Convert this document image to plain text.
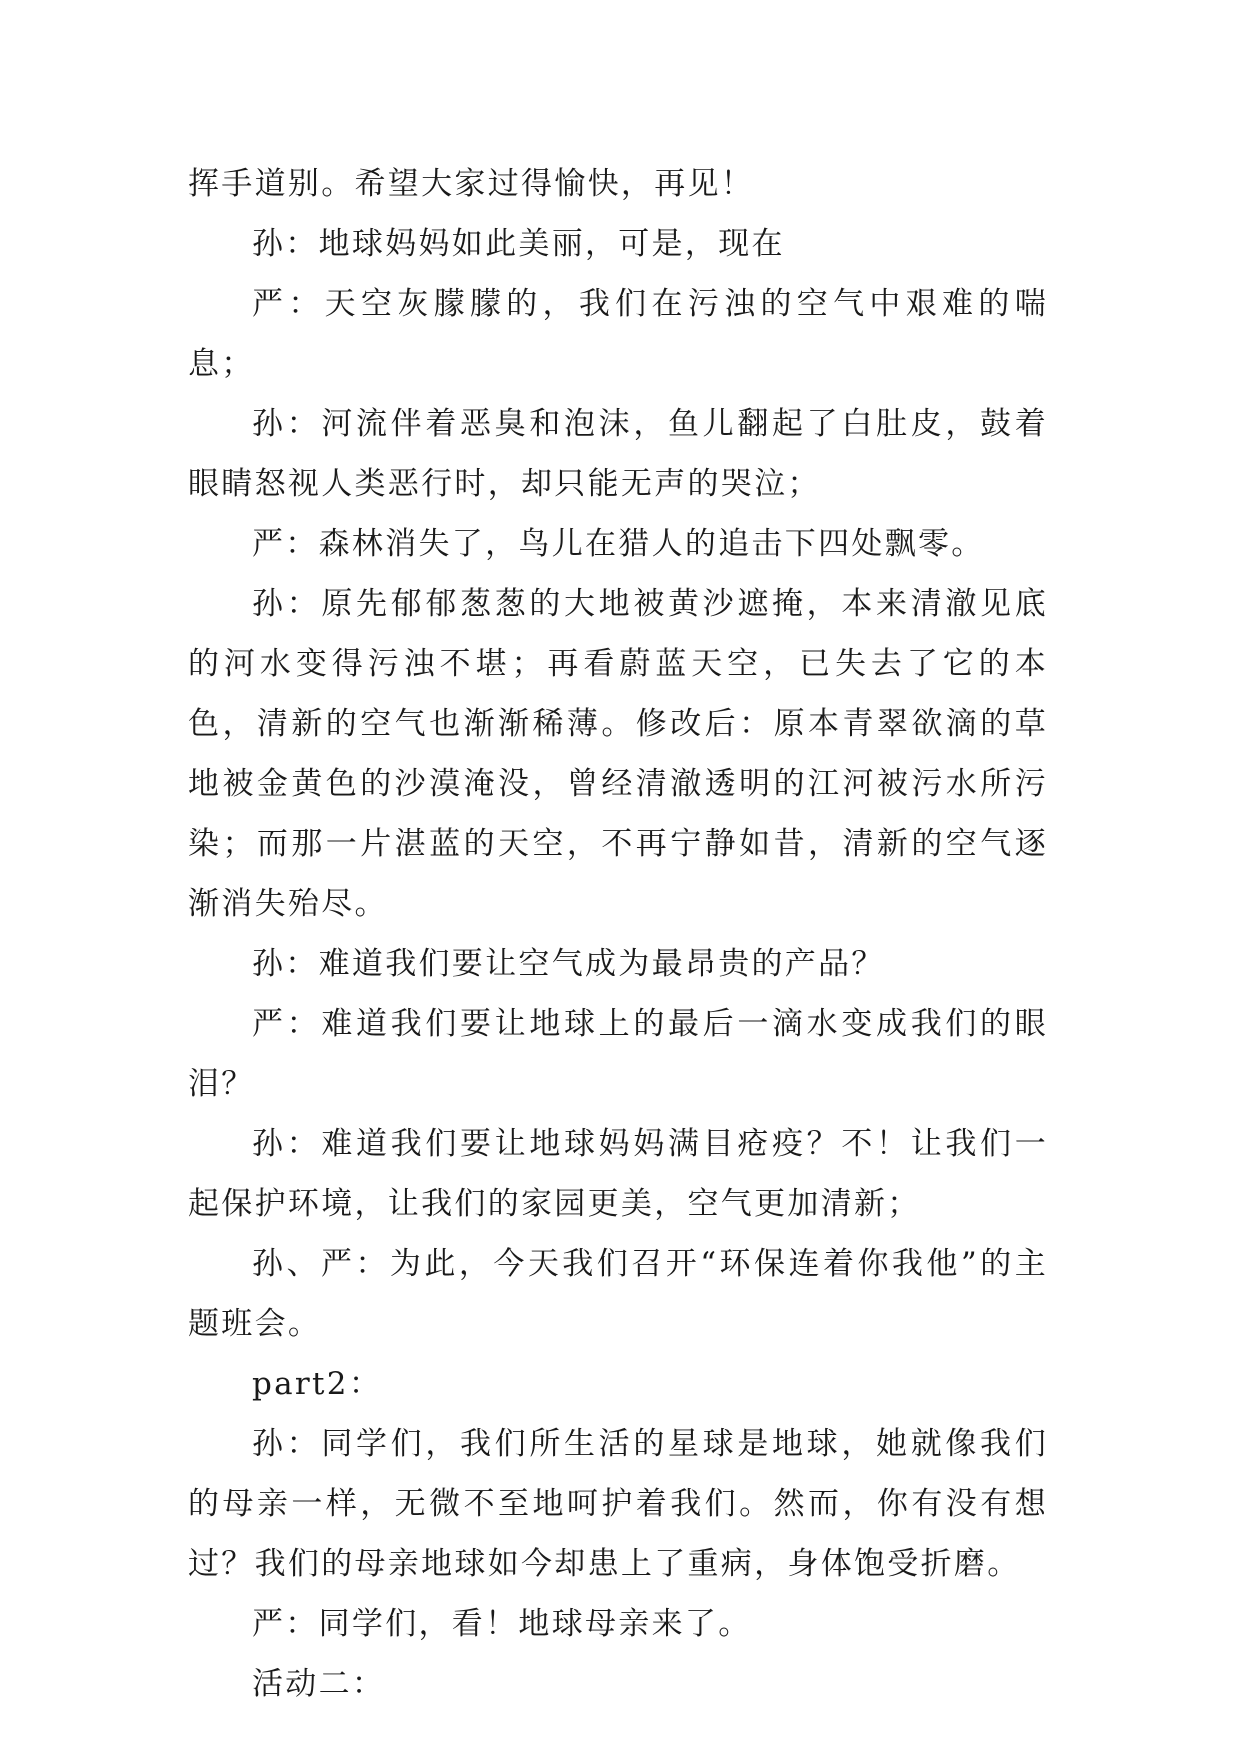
挥手道别。希望大家过得愉快，再见！

孙：地球妈妈如此美丽，可是，现在

严：天空灰朦朦的，我们在污浊的空气中艰难的喘息；

孙：河流伴着恶臭和泡沫，鱼儿翻起了白肚皮，鼓着眼睛怒视人类恶行时，却只能无声的哭泣；

严：森林消失了，鸟儿在猎人的追击下四处飘零。

孙：原先郁郁葱葱的大地被黄沙遮掩，本来清澈见底的河水变得污浊不堪；再看蔚蓝天空，已失去了它的本色，清新的空气也渐渐稀薄。修改后：原本青翠欲滴的草地被金黄色的沙漠淹没，曾经清澈透明的江河被污水所污染；而那一片湛蓝的天空，不再宁静如昔，清新的空气逐渐消失殆尽。

孙：难道我们要让空气成为最昂贵的产品？

严：难道我们要让地球上的最后一滴水变成我们的眼泪？

孙：难道我们要让地球妈妈满目疮疫？不！让我们一起保护环境，让我们的家园更美，空气更加清新；

孙、严：为此，今天我们召开“环保连着你我他”的主题班会。

part2：

孙：同学们，我们所生活的星球是地球，她就像我们的母亲一样，无微不至地呵护着我们。然而，你有没有想过？我们的母亲地球如今却患上了重病，身体饱受折磨。

严：同学们，看！地球母亲来了。

活动二：
